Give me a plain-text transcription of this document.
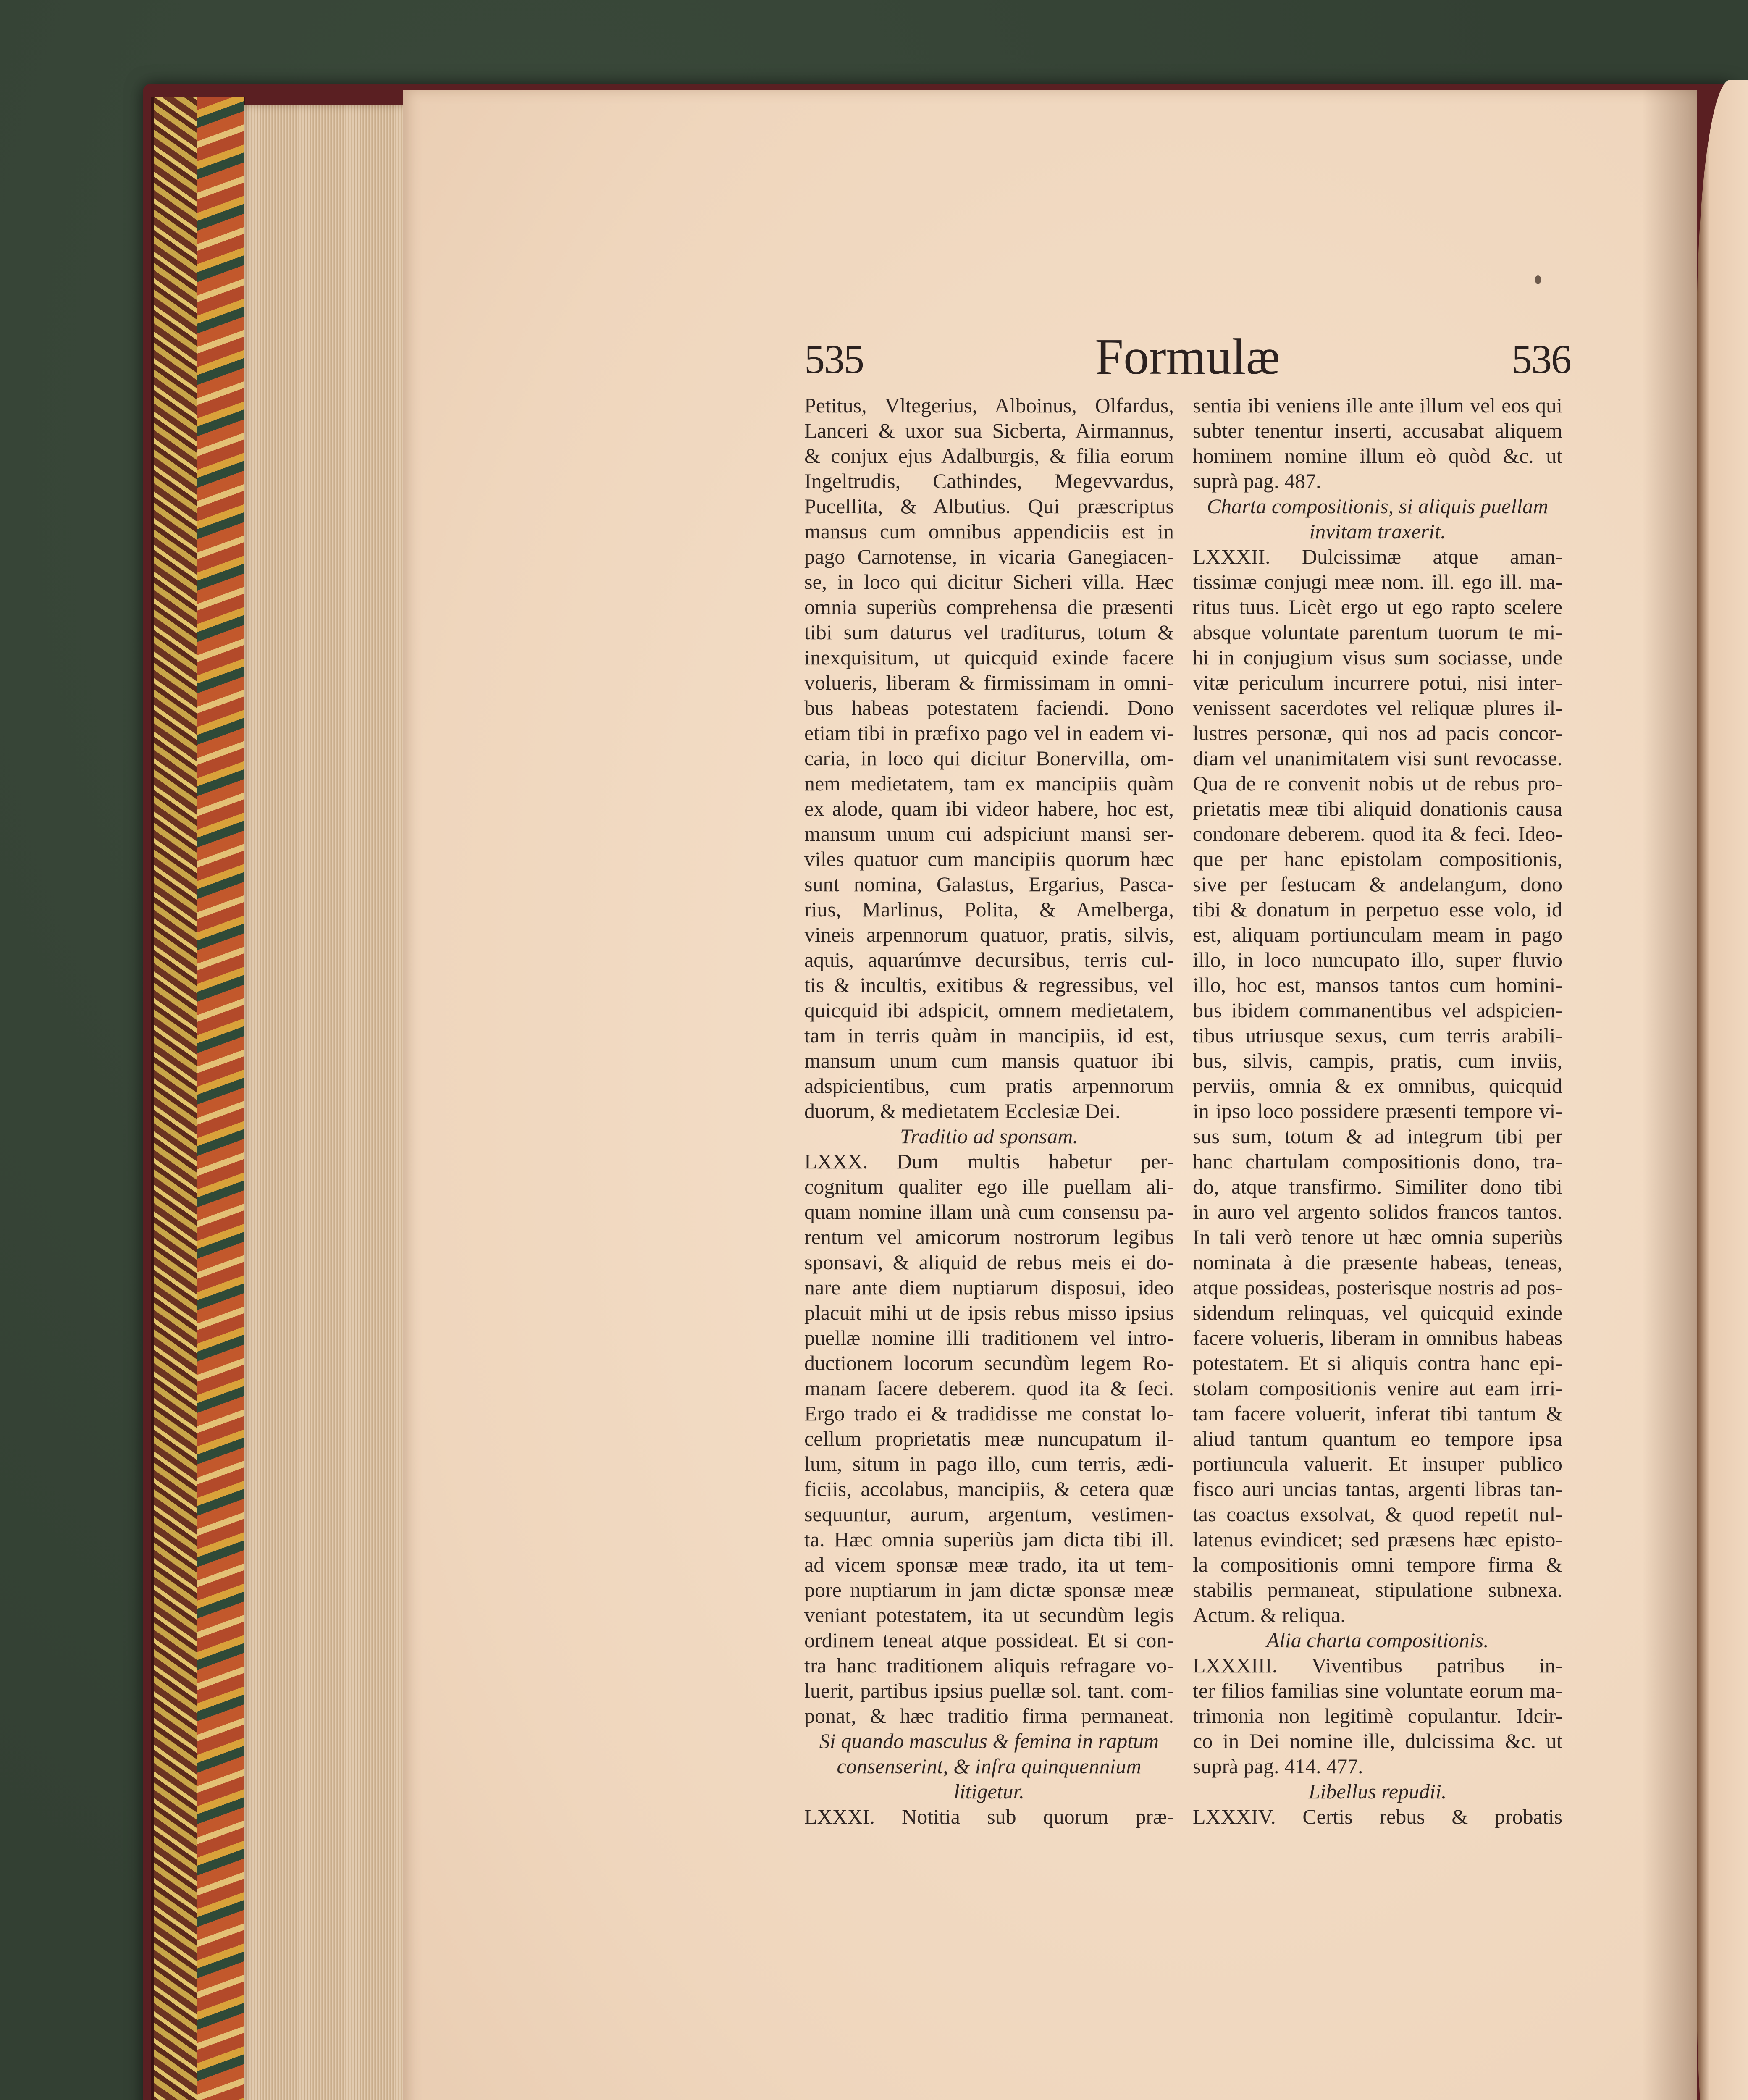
535	Formulæ	536
Petitus, Vltegerius, Alboinus, Olfardus,
Lanceri & uxor sua Sicberta, Airmannus,
& conjux ejus Adalburgis, & filia eorum
Ingeltrudis, Cathindes, Megevvardus,
Pucellita, & Albutius. Qui præscriptus
mansus cum omnibus appendiciis est in
pago Carnotense, in vicaria Ganegiacen-
se, in loco qui dicitur Sicheri villa. Hæc
omnia superiùs comprehensa die præsenti
tibi sum daturus vel traditurus, totum &
inexquisitum, ut quicquid exinde facere
volueris, liberam & firmissimam in omni-
bus habeas potestatem faciendi. Dono
etiam tibi in præfixo pago vel in eadem vi-
caria, in loco qui dicitur Bonervilla, om-
nem medietatem, tam ex mancipiis quàm
ex alode, quam ibi videor habere, hoc est,
mansum unum cui adspiciunt mansi ser-
viles quatuor cum mancipiis quorum hæc
sunt nomina, Galastus, Ergarius, Pasca-
rius, Marlinus, Polita, & Amelberga,
vineis arpennorum quatuor, pratis, silvis,
aquis, aquarúmve decursibus, terris cul-
tis & incultis, exitibus & regressibus, vel
quicquid ibi adspicit, omnem medietatem,
tam in terris quàm in mancipiis, id est,
mansum unum cum mansis quatuor ibi
adspicientibus, cum pratis arpennorum
duorum, & medietatem Ecclesiæ Dei.
Traditio ad sponsam.
LXXX. Dum multis habetur per-
cognitum qualiter ego ille puellam ali-
quam nomine illam unà cum consensu pa-
rentum vel amicorum nostrorum legibus
sponsavi, & aliquid de rebus meis ei do-
nare ante diem nuptiarum disposui, ideo
placuit mihi ut de ipsis rebus misso ipsius
puellæ nomine illi traditionem vel intro-
ductionem locorum secundùm legem Ro-
manam facere deberem. quod ita & feci.
Ergo trado ei & tradidisse me constat lo-
cellum proprietatis meæ nuncupatum il-
lum, situm in pago illo, cum terris, ædi-
ficiis, accolabus, mancipiis, & cetera quæ
sequuntur, aurum, argentum, vestimen-
ta. Hæc omnia superiùs jam dicta tibi ill.
ad vicem sponsæ meæ trado, ita ut tem-
pore nuptiarum in jam dictæ sponsæ meæ
veniant potestatem, ita ut secundùm legis
ordinem teneat atque possideat. Et si con-
tra hanc traditionem aliquis refragare vo-
luerit, partibus ipsius puellæ sol. tant. com-
ponat, & hæc traditio firma permaneat.
Si quando masculus & femina in raptum
consenserint, & infra quinquennium
litigetur.
LXXXI. Notitia sub quorum præ-
sentia ibi veniens ille ante illum vel eos qui
subter tenentur inserti, accusabat aliquem
hominem nomine illum eò quòd &c. ut
suprà pag. 487.
Charta compositionis, si aliquis puellam
invitam traxerit.
LXXXII. Dulcissimæ atque aman-
tissimæ conjugi meæ nom. ill. ego ill. ma-
ritus tuus. Licèt ergo ut ego rapto scelere
absque voluntate parentum tuorum te mi-
hi in conjugium visus sum sociasse, unde
vitæ periculum incurrere potui, nisi inter-
venissent sacerdotes vel reliquæ plures il-
lustres personæ, qui nos ad pacis concor-
diam vel unanimitatem visi sunt revocasse.
Qua de re convenit nobis ut de rebus pro-
prietatis meæ tibi aliquid donationis causa
condonare deberem. quod ita & feci. Ideo-
que per hanc epistolam compositionis,
sive per festucam & andelangum, dono
tibi & donatum in perpetuo esse volo, id
est, aliquam portiunculam meam in pago
illo, in loco nuncupato illo, super fluvio
illo, hoc est, mansos tantos cum homini-
bus ibidem commanentibus vel adspicien-
tibus utriusque sexus, cum terris arabili-
bus, silvis, campis, pratis, cum inviis,
perviis, omnia & ex omnibus, quicquid
in ipso loco possidere præsenti tempore vi-
sus sum, totum & ad integrum tibi per
hanc chartulam compositionis dono, tra-
do, atque transfirmo. Similiter dono tibi
in auro vel argento solidos francos tantos.
In tali verò tenore ut hæc omnia superiùs
nominata à die præsente habeas, teneas,
atque possideas, posterisque nostris ad pos-
sidendum relinquas, vel quicquid exinde
facere volueris, liberam in omnibus habeas
potestatem. Et si aliquis contra hanc epi-
stolam compositionis venire aut eam irri-
tam facere voluerit, inferat tibi tantum &
aliud tantum quantum eo tempore ipsa
portiuncula valuerit. Et insuper publico
fisco auri uncias tantas, argenti libras tan-
tas coactus exsolvat, & quod repetit nul-
latenus evindicet; sed præsens hæc episto-
la compositionis omni tempore firma &
stabilis permaneat, stipulatione subnexa.
Actum. & reliqua.
Alia charta compositionis.
LXXXIII. Viventibus patribus in-
ter filios familias sine voluntate eorum ma-
trimonia non legitimè copulantur. Idcir-
co in Dei nomine ille, dulcissima &c. ut
suprà pag. 414. 477.
Libellus repudii.
LXXXIV. Certis rebus & probatis
